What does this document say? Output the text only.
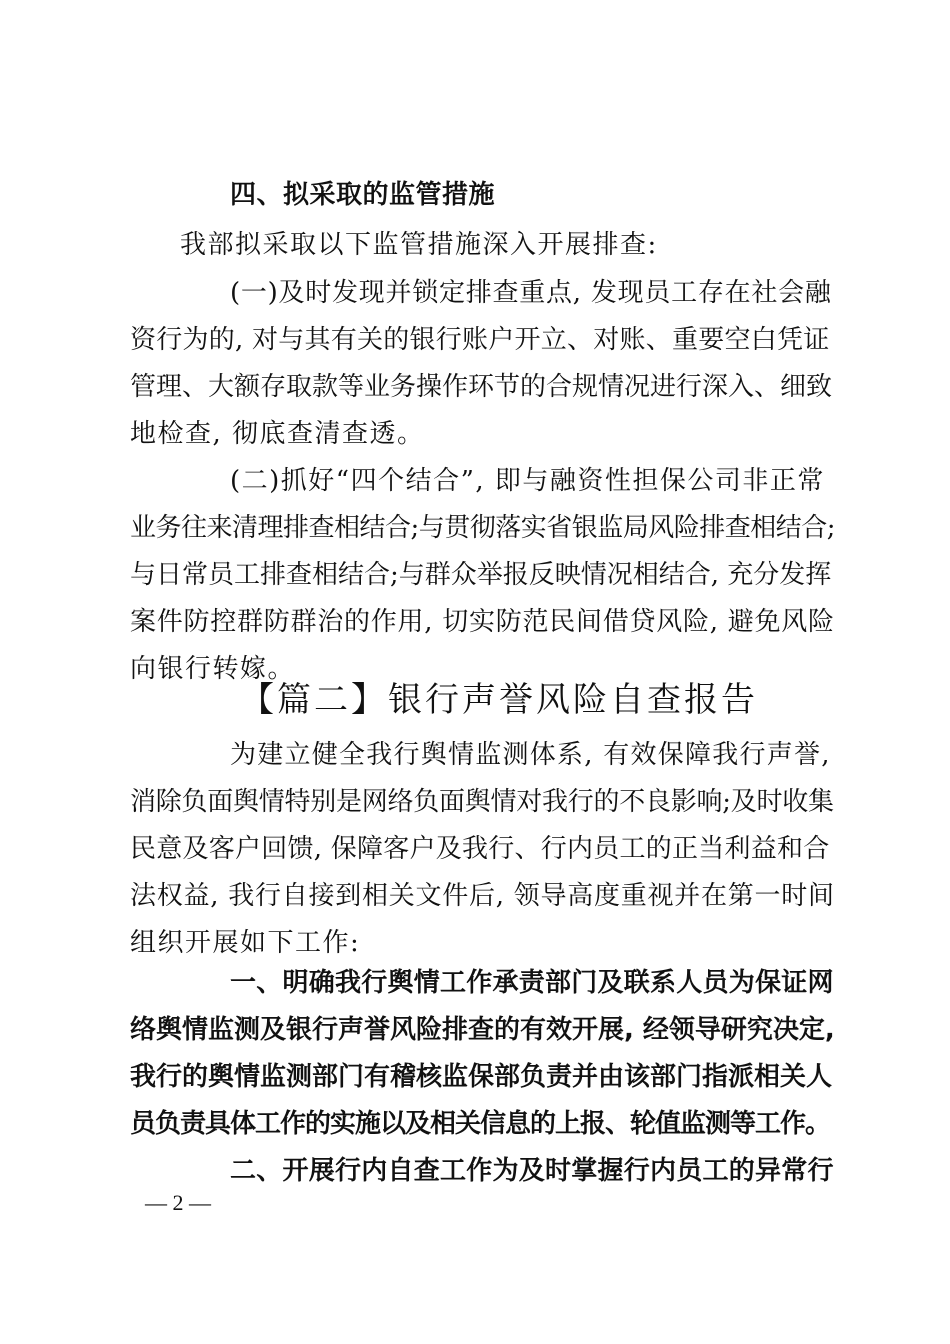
四、拟采取的监管措施

我部拟采取以下监管措施深入开展排查:

(一)及时发现并锁定排查重点, 发现员工存在社会融

资行为的, 对与其有关的银行账户开立、对账、重要空白凭证

管理、大额存取款等业务操作环节的合规情况进行深入、细致

地检查, 彻底查清查透。

(二)抓好“四个结合”, 即与融资性担保公司非正常

业务往来清理排查相结合;与贯彻落实省银监局风险排查相结合;

与日常员工排查相结合;与群众举报反映情况相结合, 充分发挥

案件防控群防群治的作用, 切实防范民间借贷风险, 避免风险

向银行转嫁。

【篇二】银行声誉风险自查报告

为建立健全我行舆情监测体系, 有效保障我行声誉,

消除负面舆情特别是网络负面舆情对我行的不良影响;及时收集

民意及客户回馈, 保障客户及我行、行内员工的正当利益和合

法权益, 我行自接到相关文件后, 领导高度重视并在第一时间

组织开展如下工作:

一、明确我行舆情工作承责部门及联系人员为保证网

络舆情监测及银行声誉风险排查的有效开展, 经领导研究决定,

我行的舆情监测部门有稽核监保部负责并由该部门指派相关人

员负责具体工作的实施以及相关信息的上报、轮值监测等工作。

二、开展行内自查工作为及时掌握行内员工的异常行

— 2 —
